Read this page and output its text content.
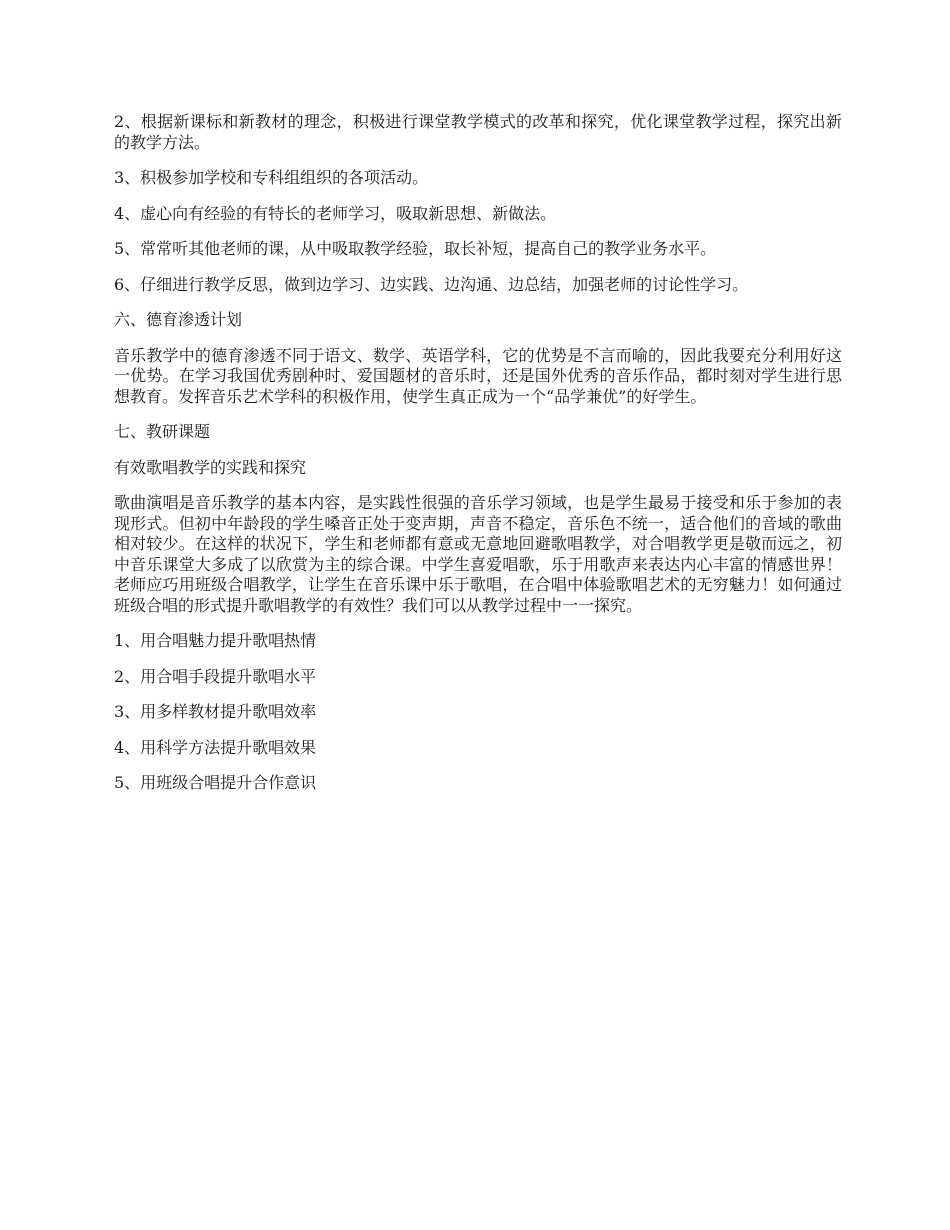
2、根据新课标和新教材的理念，积极进行课堂教学模式的改革和探究，优化课堂教学过程，探究出新的教学方法。

3、积极参加学校和专科组组织的各项活动。

4、虚心向有经验的有特长的老师学习，吸取新思想、新做法。

5、常常听其他老师的课，从中吸取教学经验，取长补短，提高自己的教学业务水平。

6、仔细进行教学反思，做到边学习、边实践、边沟通、边总结，加强老师的讨论性学习。

六、德育渗透计划

音乐教学中的德育渗透不同于语文、数学、英语学科，它的优势是不言而喻的，因此我要充分利用好这一优势。在学习我国优秀剧种时、爱国题材的音乐时，还是国外优秀的音乐作品，都时刻对学生进行思想教育。发挥音乐艺术学科的积极作用，使学生真正成为一个“品学兼优”的好学生。

七、教研课题

有效歌唱教学的实践和探究

歌曲演唱是音乐教学的基本内容，是实践性很强的音乐学习领域，也是学生最易于接受和乐于参加的表现形式。但初中年龄段的学生嗓音正处于变声期，声音不稳定，音乐色不统一，适合他们的音域的歌曲相对较少。在这样的状况下，学生和老师都有意或无意地回避歌唱教学，对合唱教学更是敬而远之，初中音乐课堂大多成了以欣赏为主的综合课。中学生喜爱唱歌，乐于用歌声来表达内心丰富的情感世界！老师应巧用班级合唱教学，让学生在音乐课中乐于歌唱，在合唱中体验歌唱艺术的无穷魅力！如何通过班级合唱的形式提升歌唱教学的有效性？我们可以从教学过程中一一探究。

1、用合唱魅力提升歌唱热情

2、用合唱手段提升歌唱水平

3、用多样教材提升歌唱效率

4、用科学方法提升歌唱效果

5、用班级合唱提升合作意识
